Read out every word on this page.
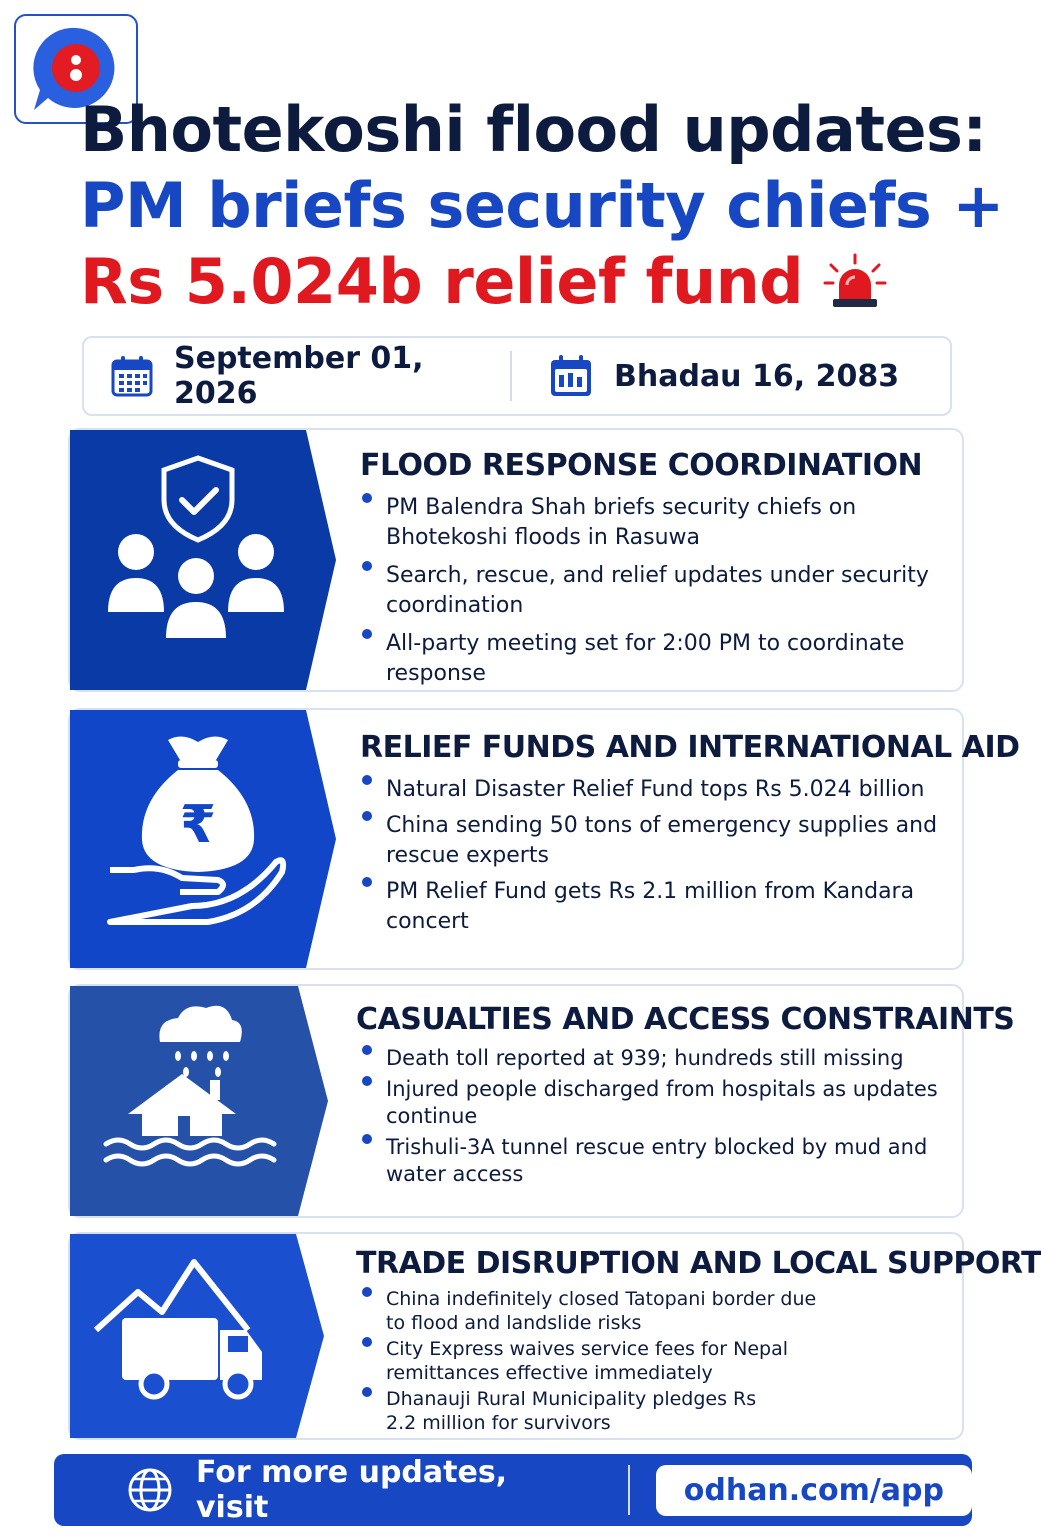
Bhotekoshi flood updates:
PM briefs security chiefs +
Rs 5.024b relief fund
September 01, 2026	Bhadau 16, 2083
FLOOD RESPONSE COORDINATION
PM Balendra Shah briefs security chiefs on Bhotekoshi floods in Rasuwa
Search, rescue, and relief updates under security coordination
All-party meeting set for 2:00 PM to coordinate response
₹
RELIEF FUNDS AND INTERNATIONAL AID
Natural Disaster Relief Fund tops Rs 5.024 billion
China sending 50 tons of emergency supplies and rescue experts
PM Relief Fund gets Rs 2.1 million from Kandara concert
CASUALTIES AND ACCESS CONSTRAINTS
Death toll reported at 939; hundreds still missing
Injured people discharged from hospitals as updates continue
Trishuli-3A tunnel rescue entry blocked by mud and water access
TRADE DISRUPTION AND LOCAL SUPPORT
China indefinitely closed Tatopani border due to flood and landslide risks
City Express waives service fees for Nepal remittances effective immediately
Dhanauji Rural Municipality pledges Rs 2.2 million for survivors
For more updates, visit	odhan.com/app
